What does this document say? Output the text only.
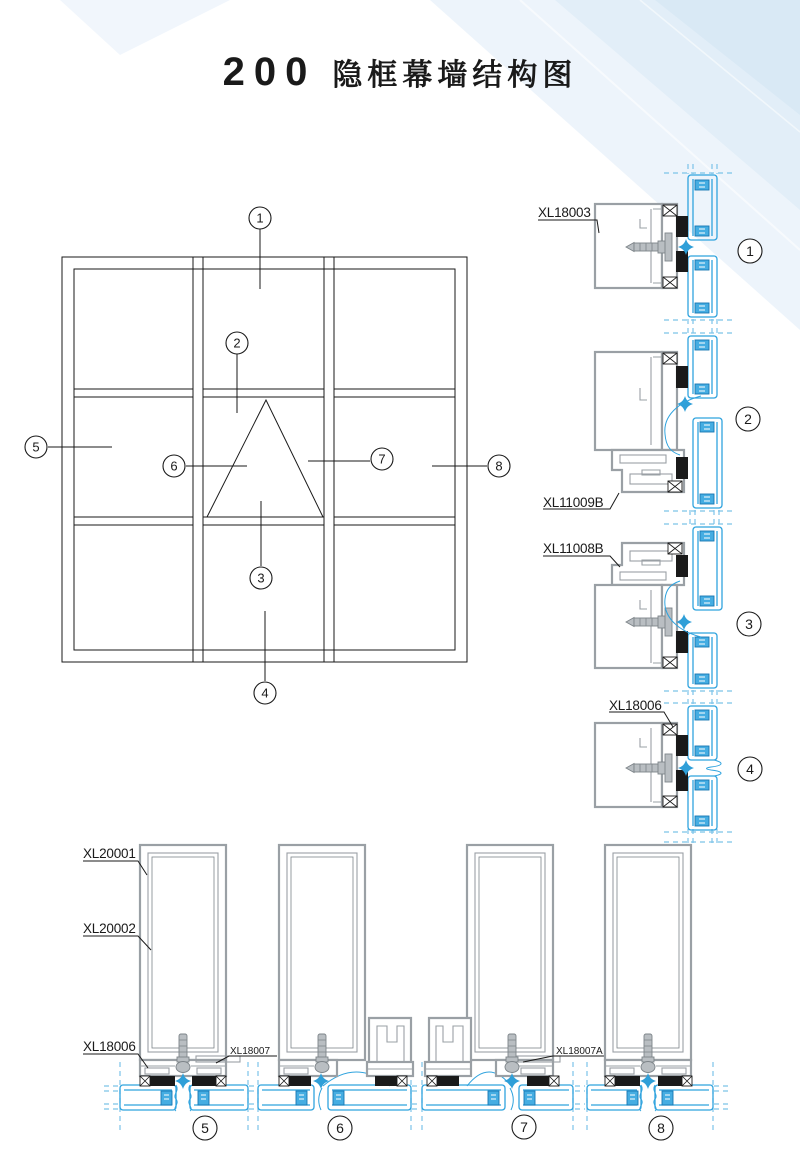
1
2
3
4
5
6	7	8
XL18003
1
XL11009B
2
XL11008B
3
XL18006
4
XL20001
XL20002
XL18006	XL18007
5	6
XL18007A
7	8
200 隐框幕墙结构图
